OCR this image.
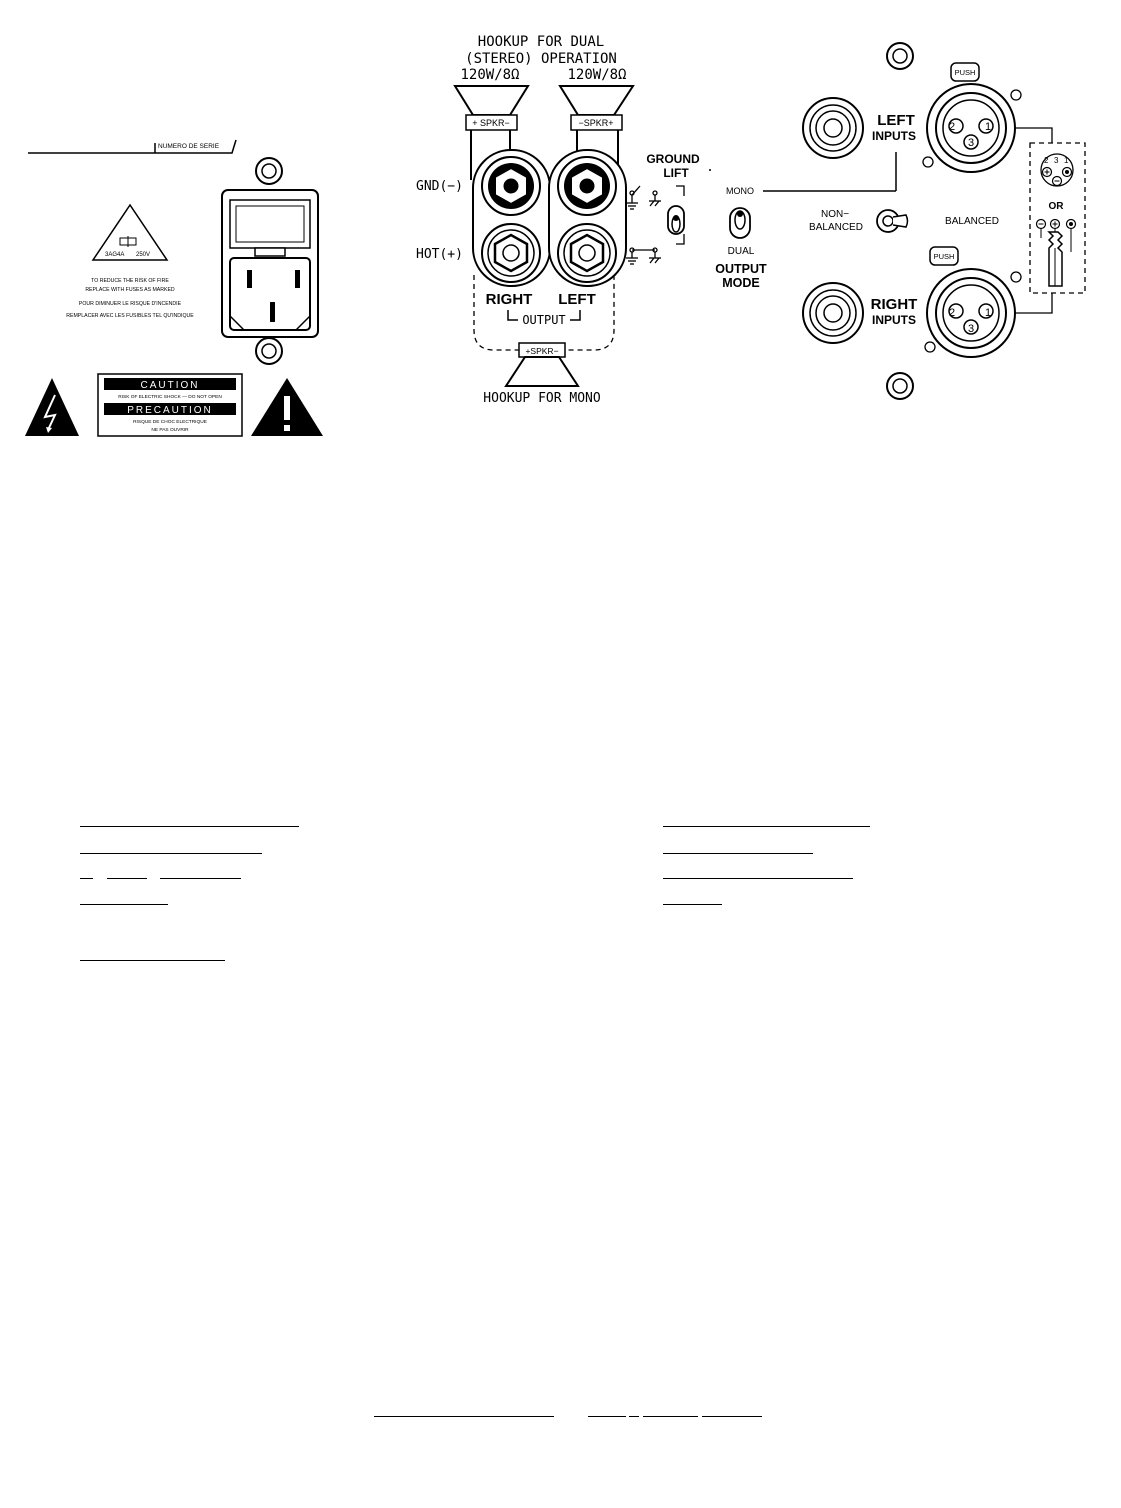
NUMERO DE SERIE
3AG4A 250V
TO REDUCE THE RISK OF FIRE
REPLACE WITH FUSES AS MARKED
POUR DIMINUER LE RISQUE D'INCENDIE
REMPLACER AVEC LES FUSIBLES TEL QU'INDIQUE
CAUTION
RISK OF ELECTRIC SHOCK — DO NOT OPEN
PRECAUTION
RISQUE DE CHOC ELECTRIQUE
NE PAS OUVRIR
HOOKUP FOR DUAL
(STEREO) OPERATION
120W/8Ω	120W/8Ω
+ SPKR−	−SPKR+
GND(−)
HOT(+)
RIGHT LEFT
OUTPUT
+SPKR−
HOOKUP FOR MONO
GROUND
LIFT
MONO
DUAL
OUTPUT
MODE
LEFT
INPUTS
PUSH
2	1
3
NON−
BALANCED
BALANCED
RIGHT
INPUTS
PUSH
2	1
3
2 3 1
OR
